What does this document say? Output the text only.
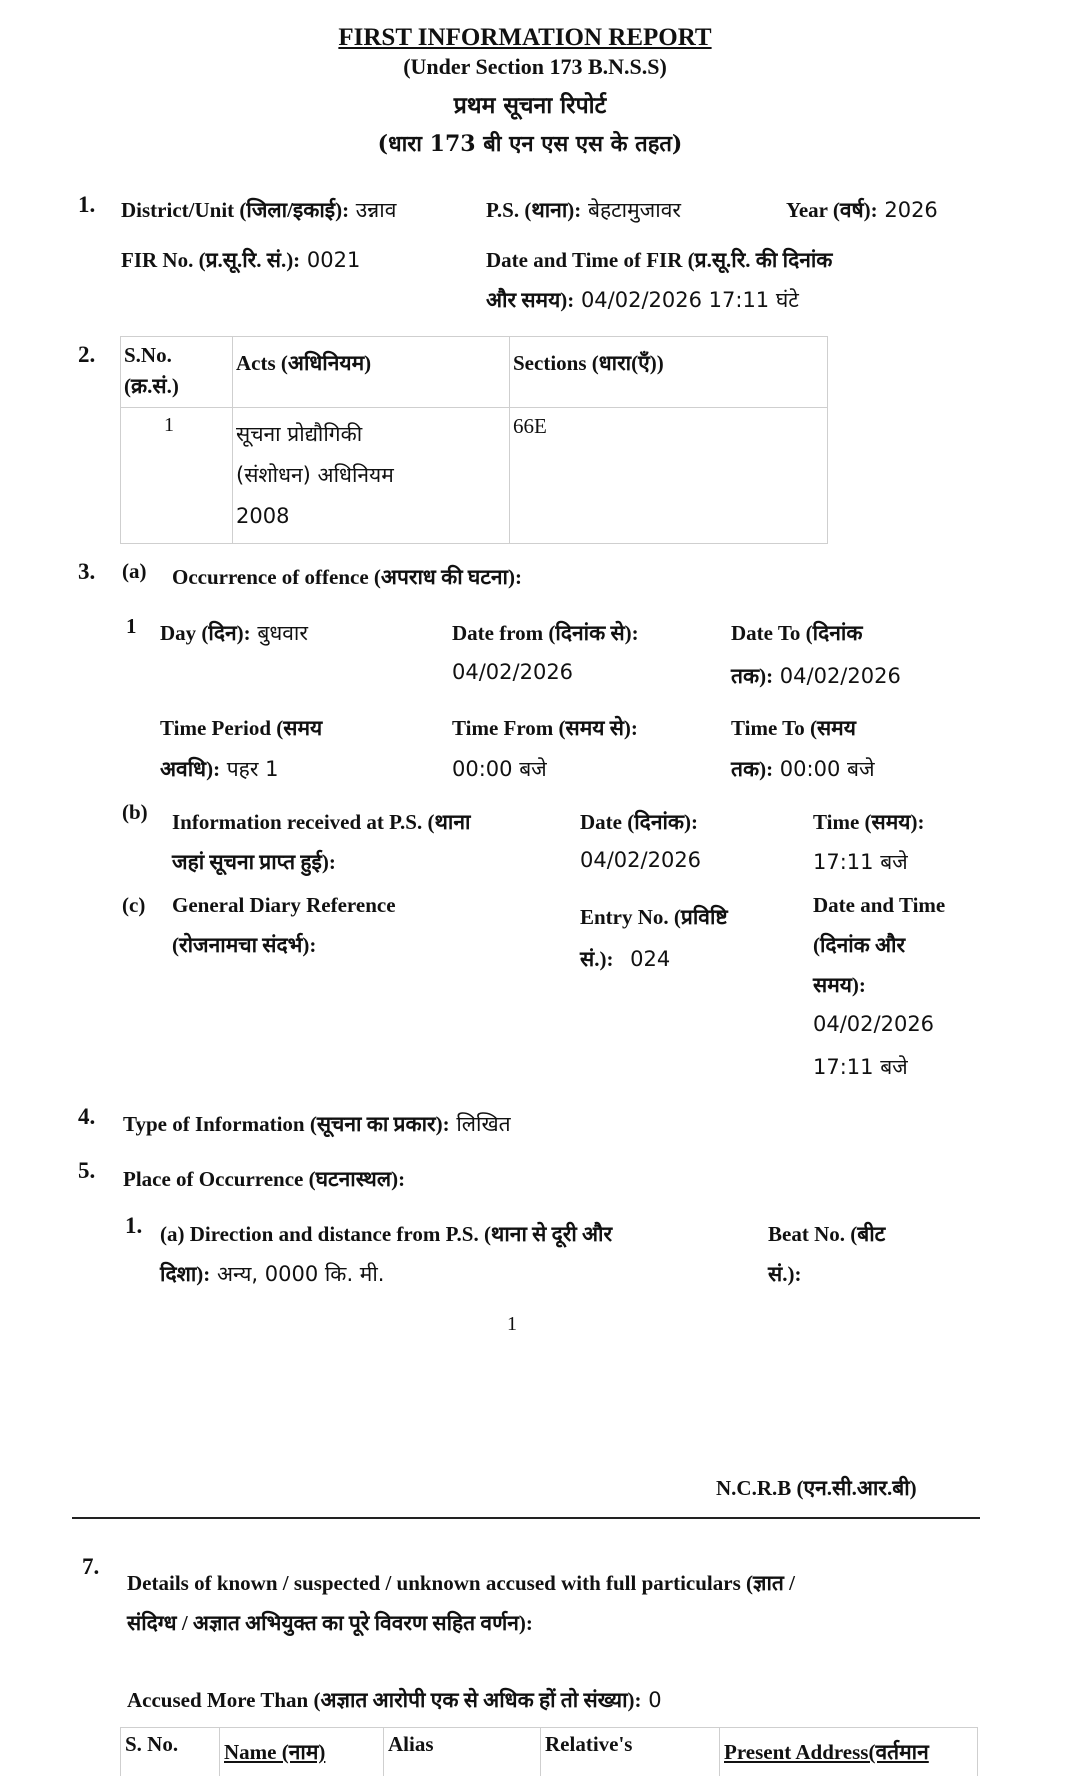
FIRST INFORMATION REPORT
(Under Section 173 B.N.S.S)
प्रथम सूचना रिपोर्ट
(धारा 173 बी एन एस एस के तहत)
1. District/Unit (जिला/इकाई): उन्नाव	P.S. (थाना): बेहटामुजावर	Year (वर्ष): 2026
FIR No. (प्र.सू.रि. सं.): 0021	Date and Time of FIR (प्र.सू.रि. की दिनांक
और समय): 04/02/2026 17:11 घंटे
2. S.No.
(क्र.सं.)	Acts (अधिनियम)	Sections (धारा(एँ))

1	सूचना प्रोद्यौगिकी
(संशोधन) अधिनियम
2008	66E
3. (a) Occurrence of offence (अपराध की घटना):
1 Day (दिन): बुधवार	Date from (दिनांक से):
04/02/2026
Date To (दिनांक
तक): 04/02/2026
Time Period (समय
अवधि): पहर 1
Time From (समय से):
00:00 बजे
Time To (समय
तक): 00:00 बजे
(b) Information received at P.S. (थाना
जहां सूचना प्राप्त हुई):
Date (दिनांक):
04/02/2026
Time (समय):
17:11 बजे
(c) General Diary Reference
(रोजनामचा संदर्भ):
Entry No. (प्रविष्टि
सं.): 024
Date and Time
(दिनांक और
समय):
04/02/2026
17:11 बजे
4. Type of Information (सूचना का प्रकार): लिखित
5. Place of Occurrence (घटनास्थल):
1. (a) Direction and distance from P.S. (थाना से दूरी और
दिशा): अन्य, 0000 कि. मी.
Beat No. (बीट
सं.):
1
N.C.R.B (एन.सी.आर.बी)
7.
Details of known / suspected / unknown accused with full particulars (ज्ञात /
संदिग्ध / अज्ञात अभियुक्त का पूरे विवरण सहित वर्णन):
Accused More Than (अज्ञात आरोपी एक से अधिक हों तो संख्या): 0
S. No.	Name (नाम)	Alias	Relative's	Present Address(वर्तमान
